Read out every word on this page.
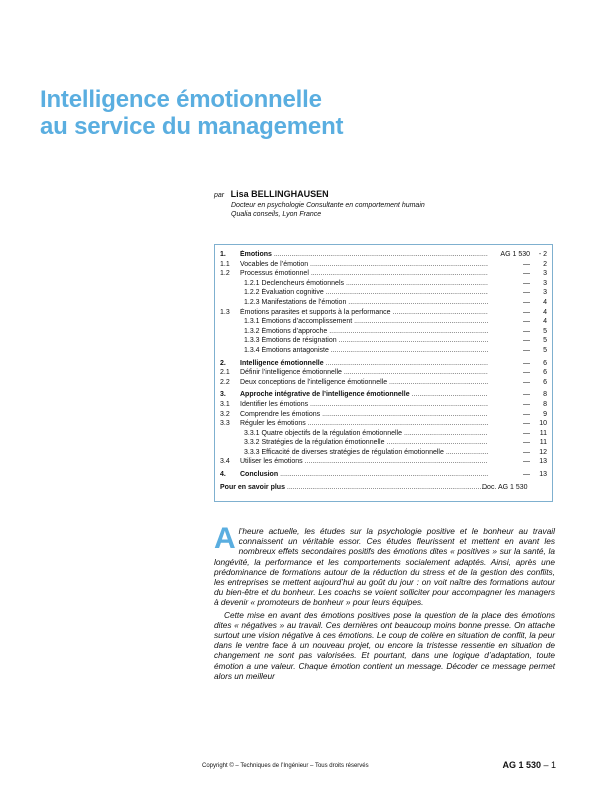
Intelligence émotionnelle
au service du management
par Lisa BELLINGHAUSEN
Docteur en psychologie Consultante en comportement humain
Qualia conseils, Lyon France
1.	Émotions .....	AG 1 530	- 2
1.1	Vocables de l’émotion .....	—	2
1.2	Processus émotionnel .....	—	3
1.2.1 Declencheurs émotionnels .....	—	3
1.2.2 Évaluation cognitive .....	—	3
1.2.3 Manifestations de l’émotion .....	—	4
1.3	Émotions parasites et supports à la performance .....	—	4
1.3.1 Émotions d’accomplissement .....	—	4
1.3.2 Émotions d’approche .....	—	5
1.3.3 Émotions de résignation .....	—	5
1.3.4 Émotions antagoniste .....	—	5
2.	Intelligence émotionnelle .....	—	6
2.1	Définir l’intelligence émotionnelle .....	—	6
2.2	Deux conceptions de l’intelligence émotionnelle .....	—	6
3.	Approche intégrative de l’intelligence émotionnelle .....	—	8
3.1	Identifier les émotions .....	—	8
3.2	Comprendre les émotions .....	—	9
3.3	Réguler les émotions .....	—	10
3.3.1 Quatre objectifs de la régulation émotionnelle .....	—	11
3.3.2 Stratégies de la régulation émotionnelle .....	—	11
3.3.3 Efficacité de diverses stratégies de régulation émotionnelle .....	—	12
3.4	Utiliser les émotions .....	—	13
4.	Conclusion .....	—	13
Pour en savoir plus .....	Doc. AG 1 530

Al’heure actuelle, les études sur la psychologie positive et le bonheur au travail connaissent un véritable essor. Ces études fleurissent et mettent en avant les nombreux effets secondaires positifs des émotions dites « positives » sur la santé, la longévité, la performance et les comportements socialement adaptés. Ainsi, après une prédominance de formations autour de la réduction du stress et de la gestion des conflits, les entreprises se mettent aujourd’hui au goût du jour : on voit naître des formations autour du bien-être et du bonheur. Les coachs se voient solliciter pour accompagner les managers à devenir « promoteurs de bonheur » pour leurs équipes.

Cette mise en avant des émotions positives pose la question de la place des émotions dites « négatives » au travail. Ces dernières ont beaucoup moins bonne presse. On attache surtout une vision négative à ces émotions. Le coup de colère en situation de conflit, la peur dans le ventre face à un nouveau projet, ou encore la tristesse ressentie en situation de changement ne sont pas valorisées. Et pourtant, dans une logique d’adaptation, toute émotion a une valeur. Chaque émotion contient un message. Décoder ce message permet alors un meilleur

Copyright © – Techniques de l’Ingénieur – Tous droits réservés	AG 1 530 – 1
